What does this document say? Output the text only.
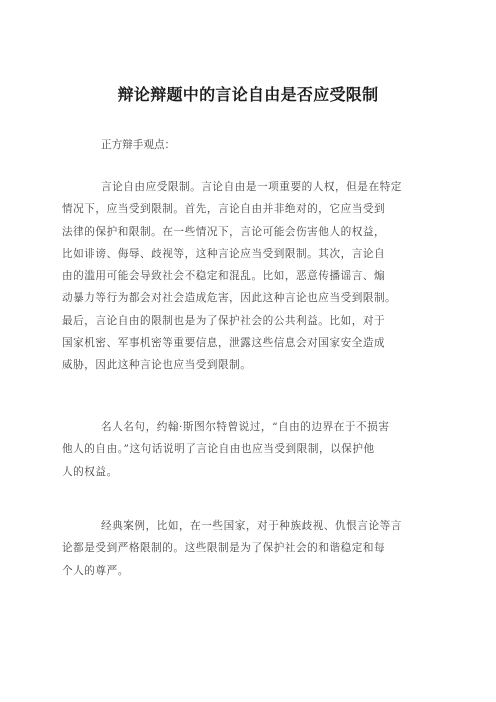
辩论辩题中的言论自由是否应受限制
正方辩手观点：
言论自由应受限制。言论自由是一项重要的人权，但是在特定
情况下，应当受到限制。首先，言论自由并非绝对的，它应当受到
法律的保护和限制。在一些情况下，言论可能会伤害他人的权益，
比如诽谤、侮辱、歧视等，这种言论应当受到限制。其次，言论自
由的滥用可能会导致社会不稳定和混乱。比如，恶意传播谣言、煽
动暴力等行为都会对社会造成危害，因此这种言论也应当受到限制。
最后，言论自由的限制也是为了保护社会的公共利益。比如，对于
国家机密、军事机密等重要信息，泄露这些信息会对国家安全造成
威胁，因此这种言论也应当受到限制。
名人名句，约翰·斯图尔特曾说过，“自由的边界在于不损害
他人的自由。”这句话说明了言论自由也应当受到限制，以保护他
人的权益。
经典案例，比如，在一些国家，对于种族歧视、仇恨言论等言
论都是受到严格限制的。这些限制是为了保护社会的和谐稳定和每
个人的尊严。
